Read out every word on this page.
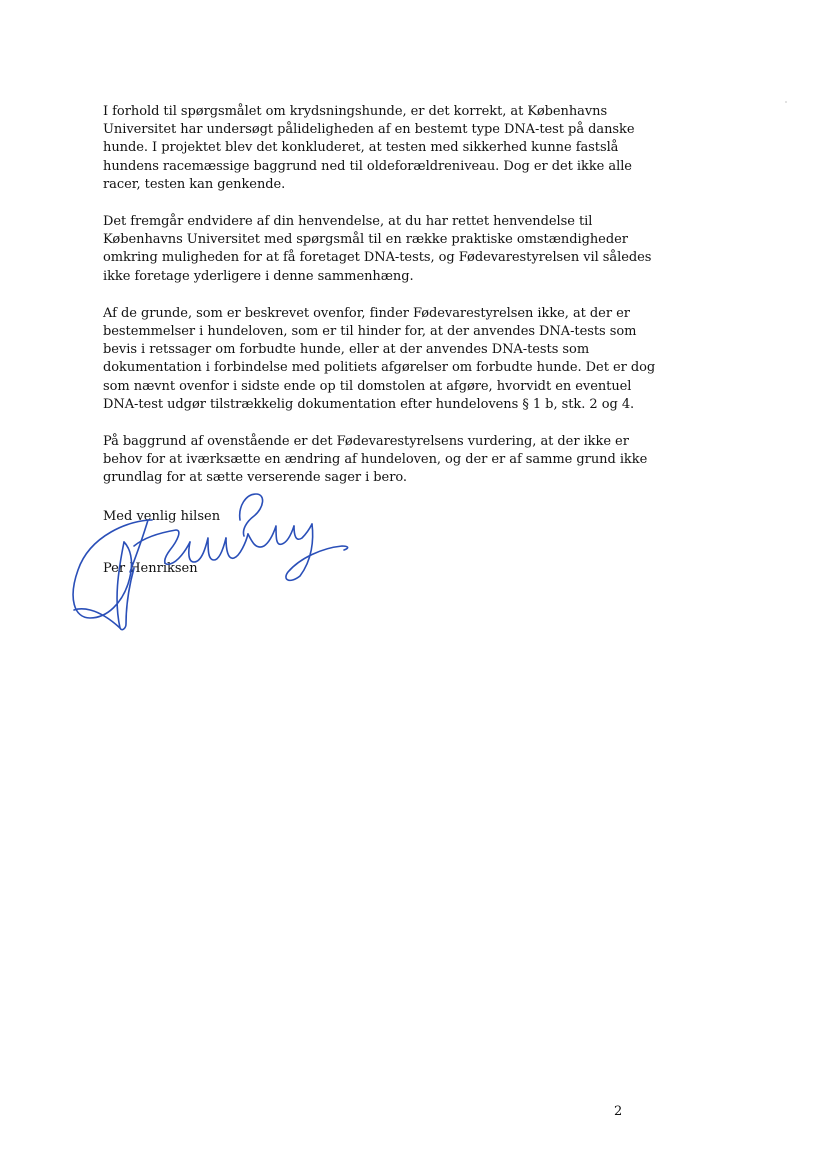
I forhold til spørgsmålet om krydsningshunde, er det korrekt, at Københavns
Universitet har undersøgt pålideligheden af en bestemt type DNA-test på danske
hunde. I projektet blev det konkluderet, at testen med sikkerhed kunne fastslå
hundens racemæssige baggrund ned til oldeforældreniveau. Dog er det ikke alle
racer, testen kan genkende.

Det fremgår endvidere af din henvendelse, at du har rettet henvendelse til
Københavns Universitet med spørgsmål til en række praktiske omstændigheder
omkring muligheden for at få foretaget DNA-tests, og Fødevarestyrelsen vil således
ikke foretage yderligere i denne sammenhæng.

Af de grunde, som er beskrevet ovenfor, finder Fødevarestyrelsen ikke, at der er
bestemmelser i hundeloven, som er til hinder for, at der anvendes DNA-tests som
bevis i retssager om forbudte hunde, eller at der anvendes DNA-tests som
dokumentation i forbindelse med politiets afgørelser om forbudte hunde. Det er dog
som nævnt ovenfor i sidste ende op til domstolen at afgøre, hvorvidt en eventuel
DNA-test udgør tilstrækkelig dokumentation efter hundelovens § 1 b, stk. 2 og 4.

På baggrund af ovenstående er det Fødevarestyrelsens vurdering, at der ikke er
behov for at iværksætte en ændring af hundeloven, og der er af samme grund ikke
grundlag for at sætte verserende sager i bero.

Med venlig hilsen
Per Henriksen
2
